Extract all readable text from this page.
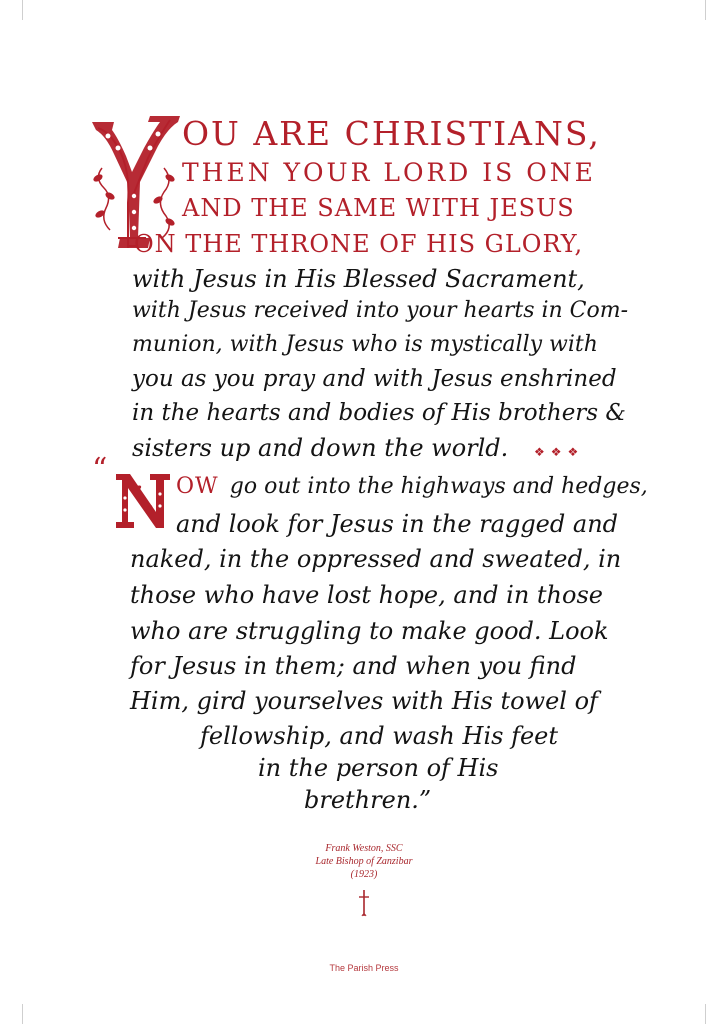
OU ARE CHRISTIANS,
THEN YOUR LORD IS ONE
AND THE SAME WITH JESUS
ON THE THRONE OF HIS GLORY,
with Jesus in His Blessed Sacrament,
with Jesus received into your hearts in Com-
munion, with Jesus who is mystically with
you as you pray and with Jesus enshrined
in the hearts and bodies of His brothers &
sisters up and down the world. ❖❖❖
“	OW go out into the highways and hedges,
and look for Jesus in the ragged and
naked, in the oppressed and sweated, in
those who have lost hope, and in those
who are struggling to make good. Look
for Jesus in them; and when you find
Him, gird yourselves with His towel of
fellowship, and wash His feet
in the person of His
brethren.”
Frank Weston, SSC
Late Bishop of Zanzibar
(1923)
The Parish Press
